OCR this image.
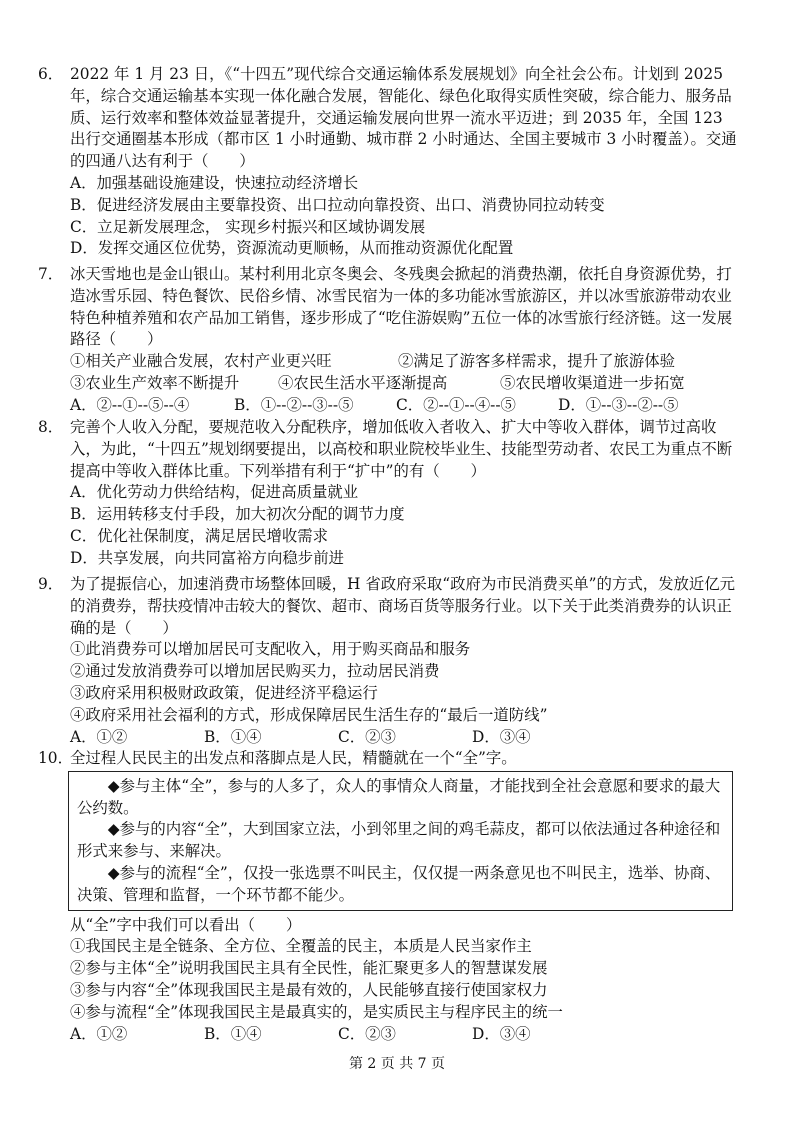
6． 2022 年 1 月 23 日，《“十四五”现代综合交通运输体系发展规划》向全社会公布。计划到 2025 年，综合交通运输基本实现一体化融合发展，智能化、绿色化取得实质性突破，综合能力、服务品质、运行效率和整体效益显著提升，交通运输发展向世界一流水平迈进；到 2035 年，全国 123 出行交通圈基本形成（都市区 1 小时通勤、城市群 2 小时通达、全国主要城市 3 小时覆盖）。交通的四通八达有利于（　　）

A．加强基础设施建设，快速拉动经济增长

B．促进经济发展由主要靠投资、出口拉动向靠投资、出口、消费协同拉动转变

C．立足新发展理念， 实现乡村振兴和区域协调发展

D．发挥交通区位优势，资源流动更顺畅，从而推动资源优化配置

7． 冰天雪地也是金山银山。某村利用北京冬奥会、冬残奥会掀起的消费热潮，依托自身资源优势，打造冰雪乐园、特色餐饮、民俗乡情、冰雪民宿为一体的多功能冰雪旅游区，并以冰雪旅游带动农业特色种植养殖和农产品加工销售，逐步形成了“吃住游娱购”五位一体的冰雪旅行经济链。这一发展路径（　　）

①相关产业融合发展，农村产业更兴旺	②满足了游客多样需求，提升了旅游体验
③农业生产效率不断提升	④农民生活水平逐渐提高	⑤农民增收渠道进一步拓宽
A．②--①--⑤--④	B．①--②--③--⑤	C．②--①--④--⑤	D．①--③--②--⑤

8． 完善个人收入分配，要规范收入分配秩序，增加低收入者收入、扩大中等收入群体，调节过高收入，为此，“十四五”规划纲要提出，以高校和职业院校毕业生、技能型劳动者、农民工为重点不断提高中等收入群体比重。下列举措有利于“扩中”的有（　　）

A．优化劳动力供给结构，促进高质量就业

B．运用转移支付手段，加大初次分配的调节力度

C．优化社保制度，满足居民增收需求

D．共享发展，向共同富裕方向稳步前进

9． 为了提振信心，加速消费市场整体回暖，H 省政府采取“政府为市民消费买单”的方式，发放近亿元的消费券，帮扶疫情冲击较大的餐饮、超市、商场百货等服务行业。以下关于此类消费券的认识正确的是（　　）

①此消费券可以增加居民可支配收入，用于购买商品和服务

②通过发放消费券可以增加居民购买力，拉动居民消费

③政府采用积极财政政策，促进经济平稳运行

④政府采用社会福利的方式，形成保障居民生活生存的“最后一道防线”

A．①②	B．①④	C．②③	D．③④

10．全过程人民民主的出发点和落脚点是人民，精髓就在一个“全”字。

◆参与主体“全”，参与的人多了，众人的事情众人商量，才能找到全社会意愿和要求的最大公约数。

◆参与的内容“全”，大到国家立法，小到邻里之间的鸡毛蒜皮，都可以依法通过各种途径和形式来参与、来解决。

◆参与的流程“全”，仅投一张选票不叫民主，仅仅提一两条意见也不叫民主，选举、协商、决策、管理和监督，一个环节都不能少。

从“全”字中我们可以看出（　　）

①我国民主是全链条、全方位、全覆盖的民主，本质是人民当家作主

②参与主体“全”说明我国民主具有全民性，能汇聚更多人的智慧谋发展

③参与内容“全”体现我国民主是最有效的，人民能够直接行使国家权力

④参与流程“全”体现我国民主是最真实的，是实质民主与程序民主的统一

A．①②	B．①④	C．②③	D．③④
第 2 页 共 7 页
